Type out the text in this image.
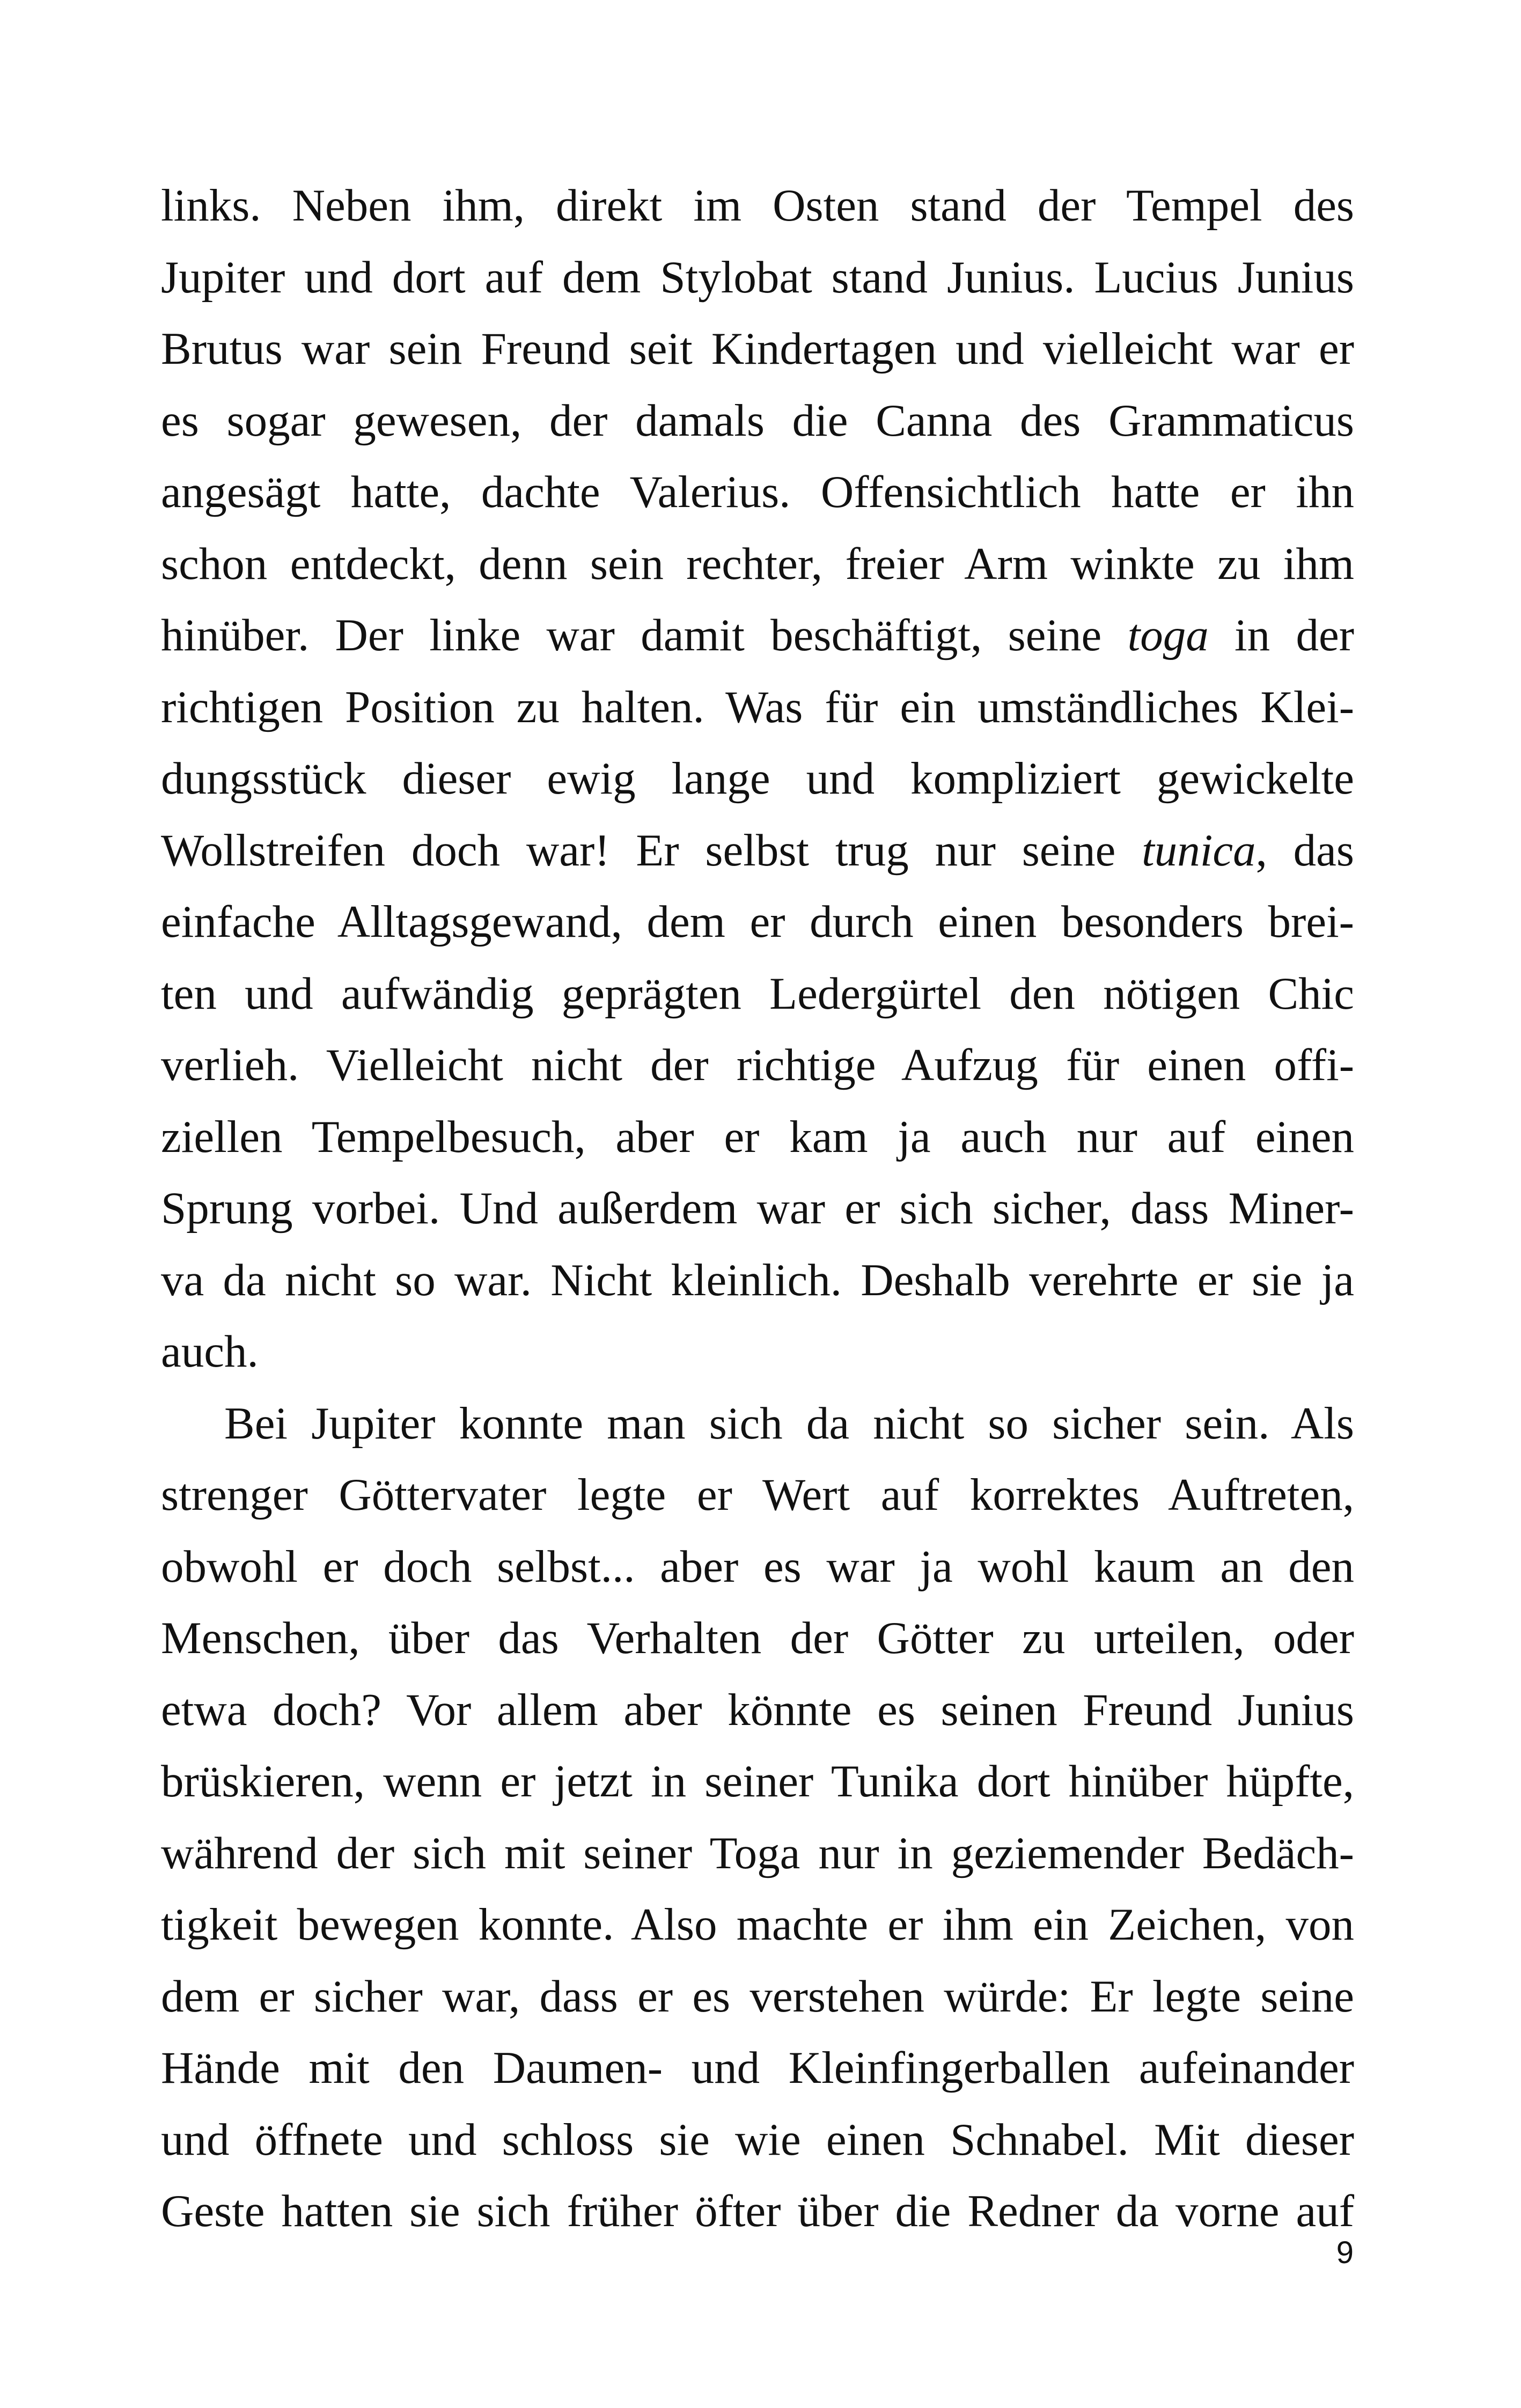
links. Neben ihm, direkt im Osten stand der Tempel des
Jupiter und dort auf dem Stylobat stand Junius. Lucius Junius
Brutus war sein Freund seit Kindertagen und vielleicht war er
es sogar gewesen, der damals die Canna des Grammaticus
angesägt hatte, dachte Valerius. Offensichtlich hatte er ihn
schon entdeckt, denn sein rechter, freier Arm winkte zu ihm
hinüber. Der linke war damit beschäftigt, seine toga in der
richtigen Position zu halten. Was für ein umständliches Klei-
dungsstück dieser ewig lange und kompliziert gewickelte
Wollstreifen doch war! Er selbst trug nur seine tunica, das
einfache Alltagsgewand, dem er durch einen besonders brei-
ten und aufwändig geprägten Ledergürtel den nötigen Chic
verlieh. Vielleicht nicht der richtige Aufzug für einen offi-
ziellen Tempelbesuch, aber er kam ja auch nur auf einen
Sprung vorbei. Und außerdem war er sich sicher, dass Miner-
va da nicht so war. Nicht kleinlich. Deshalb verehrte er sie ja
auch.
Bei Jupiter konnte man sich da nicht so sicher sein. Als
strenger Göttervater legte er Wert auf korrektes Auftreten,
obwohl er doch selbst... aber es war ja wohl kaum an den
Menschen, über das Verhalten der Götter zu urteilen, oder
etwa doch? Vor allem aber könnte es seinen Freund Junius
brüskieren, wenn er jetzt in seiner Tunika dort hinüber hüpfte,
während der sich mit seiner Toga nur in geziemender Bedäch-
tigkeit bewegen konnte. Also machte er ihm ein Zeichen, von
dem er sicher war, dass er es verstehen würde: Er legte seine
Hände mit den Daumen- und Kleinfingerballen aufeinander
und öffnete und schloss sie wie einen Schnabel. Mit dieser
Geste hatten sie sich früher öfter über die Redner da vorne auf
9
